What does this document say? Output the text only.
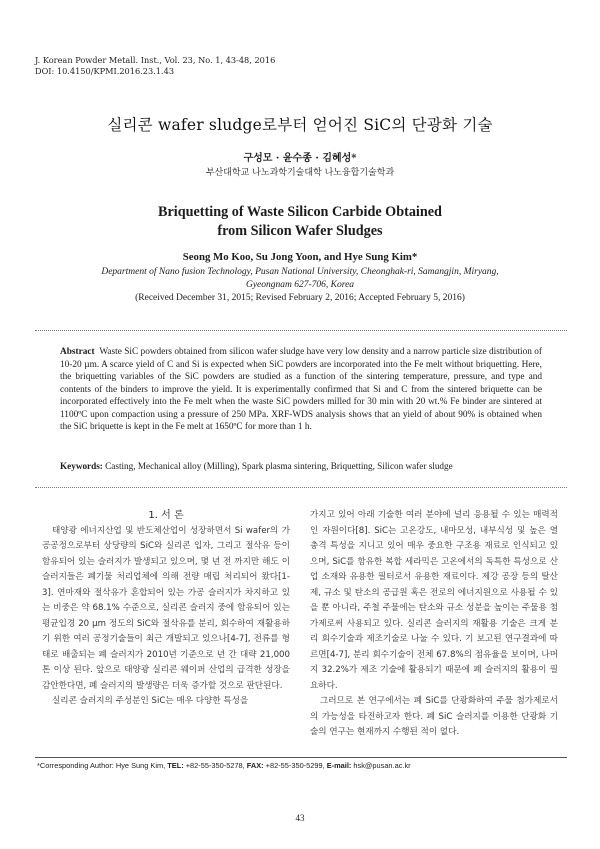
J. Korean Powder Metall. Inst., Vol. 23, No. 1, 43-48, 2016
DOI: 10.4150/KPMI.2016.23.1.43
실리콘 wafer sludge로부터 얻어진 SiC의 단광화 기술
구성모 · 윤수종 · 김혜성*
부산대학교 나노과학기술대학 나노융합기술학과
Briquetting of Waste Silicon Carbide Obtained
from Silicon Wafer Sludges
Seong Mo Koo, Su Jong Yoon, and Hye Sung Kim*
Department of Nano fusion Technology, Pusan National University, Cheonghak-ri, Samangjin, Miryang,
Gyeongnam 627-706, Korea
(Received December 31, 2015; Revised February 2, 2016; Accepted February 5, 2016)
Abstract Waste SiC powders obtained from silicon wafer sludge have very low density and a narrow particle size distribution of 10-20 µm. A scarce yield of C and Si is expected when SiC powders are incorporated into the Fe melt without briquetting. Here, the briquetting variables of the SiC powders are studied as a function of the sintering temperature, pressure, and type and contents of the binders to improve the yield. It is experimentally confirmed that Si and C from the sintered briquette can be incorporated effectively into the Fe melt when the waste SiC powders milled for 30 min with 20 wt.% Fe binder are sintered at 1100ºC upon compaction using a pressure of 250 MPa. XRF-WDS analysis shows that an yield of about 90% is obtained when the SiC briquette is kept in the Fe melt at 1650ºC for more than 1 h.
Keywords: Casting, Mechanical alloy (Milling), Spark plasma sintering, Briquetting, Silicon wafer sludge

1. 서 론

태양광 에너지산업 및 반도체산업이 성장하면서 Si wafer의 가공공정으로부터 상당량의 SiC와 실리콘 입자, 그리고 절삭유 등이 함유되어 있는 슬러지가 발생되고 있으며, 몇 년 전 까지만 해도 이 슬러지들은 폐기물 처리업체에 의해 전량 매립 처리되어 왔다[1-3]. 연마재와 절삭유가 혼합되어 있는 가공 슬러지가 차지하고 있는 비중은 약 68.1% 수준으로, 실리콘 슬러지 중에 함유되어 있는 평균입경 20 µm 정도의 SiC와 절삭유를 분리, 회수하여 재활용하기 위한 여러 공정기술들이 최근 개발되고 있으나[4-7], 전류를 형태로 배출되는 폐 슬러지가 2010년 기준으로 년 간 대략 21,000톤 이상 된다. 앞으로 태양광 실리콘 웨이퍼 산업의 급격한 성장을 감안한다면, 폐 슬러지의 발생량은 더욱 증가할 것으로 판단된다.

실리콘 슬러지의 주성분인 SiC는 매우 다양한 특성을

가지고 있어 아래 기술한 여러 분야에 널리 응용될 수 있는 매력적인 자원이다[8]. SiC는 고온강도, 내마모성, 내부식성 및 높은 열 충격 특성을 지니고 있어 매우 중요한 구조용 재료로 인식되고 있으며, SiC를 함유한 복합 세라믹은 고온에서의 독특한 특성으로 산업 소재와 유용한 필터로서 유용한 재료이다. 제강 공장 등의 탈산제, 규소 및 탄소의 공급원 혹은 전로의 에너지원으로 사용될 수 있을 뿐 아니라, 주철 주물에는 탄소와 규소 성분을 높이는 주물용 첨가제로써 사용되고 있다. 실리콘 슬러지의 재활용 기술은 크게 분리 회수기술과 제조기술로 나눌 수 있다. 기 보고된 연구결과에 따르면[4-7], 분리 회수기술이 전체 67.8%의 점유율을 보이며, 나머지 32.2%가 제조 기술에 활용되기 때문에 폐 슬러지의 활용이 필요하다.

그러므로 본 연구에서는 폐 SiC를 단광화하여 주물 첨가제로서의 가능성을 타진하고자 한다. 폐 SiC 슬러지를 이용한 단광화 기술의 연구는 현재까지 수행된 적이 없다.

*Corresponding Author: Hye Sung Kim, TEL: +82-55-350-5278, FAX: +82-55-350-5299, E-mail: hsk@pusan.ac.kr
43
